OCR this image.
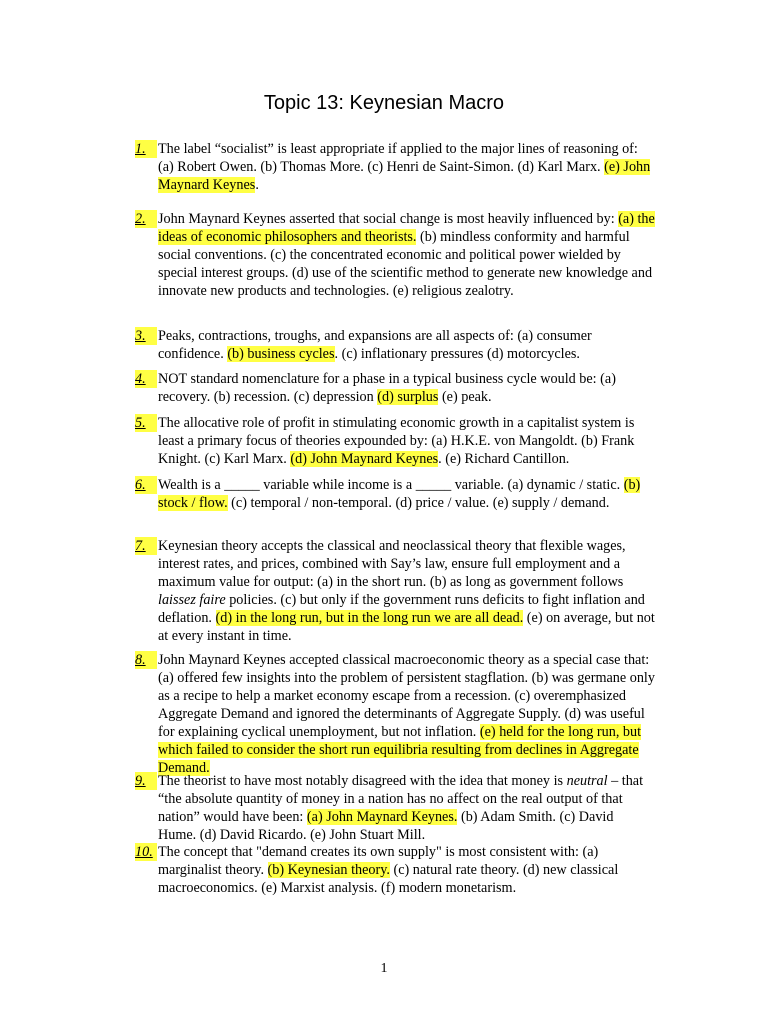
Topic 13: Keynesian Macro
1. The label “socialist” is least appropriate if applied to the major lines of reasoning of: (a) Robert Owen. (b) Thomas More. (c) Henri de Saint-Simon. (d) Karl Marx. (e) John Maynard Keynes.
2. John Maynard Keynes asserted that social change is most heavily influenced by: (a) the ideas of economic philosophers and theorists. (b) mindless conformity and harmful social conventions. (c) the concentrated economic and political power wielded by special interest groups. (d) use of the scientific method to generate new knowledge and innovate new products and technologies. (e) religious zealotry.
3. Peaks, contractions, troughs, and expansions are all aspects of: (a) consumer confidence. (b) business cycles. (c) inflationary pressures (d) motorcycles.
4. NOT standard nomenclature for a phase in a typical business cycle would be: (a) recovery. (b) recession. (c) depression (d) surplus (e) peak.
5. The allocative role of profit in stimulating economic growth in a capitalist system is least a primary focus of theories expounded by: (a) H.K.E. von Mangoldt. (b) Frank Knight. (c) Karl Marx. (d) John Maynard Keynes. (e) Richard Cantillon.
6. Wealth is a _____ variable while income is a _____ variable. (a) dynamic / static. (b) stock / flow. (c) temporal / non-temporal. (d) price / value. (e) supply / demand.
7. Keynesian theory accepts the classical and neoclassical theory that flexible wages, interest rates, and prices, combined with Say’s law, ensure full employment and a maximum value for output: (a) in the short run. (b) as long as government follows laissez faire policies. (c) but only if the government runs deficits to fight inflation and deflation. (d) in the long run, but in the long run we are all dead. (e) on average, but not at every instant in time.
8. John Maynard Keynes accepted classical macroeconomic theory as a special case that: (a) offered few insights into the problem of persistent stagflation. (b) was germane only as a recipe to help a market economy escape from a recession. (c) overemphasized Aggregate Demand and ignored the determinants of Aggregate Supply. (d) was useful for explaining cyclical unemployment, but not inflation. (e) held for the long run, but which failed to consider the short run equilibria resulting from declines in Aggregate Demand.
9. The theorist to have most notably disagreed with the idea that money is neutral – that “the absolute quantity of money in a nation has no affect on the real output of that nation” would have been: (a) John Maynard Keynes. (b) Adam Smith. (c) David Hume. (d) David Ricardo. (e) John Stuart Mill.
10. The concept that "demand creates its own supply" is most consistent with: (a) marginalist theory. (b) Keynesian theory. (c) natural rate theory. (d) new classical macroeconomics. (e) Marxist analysis. (f) modern monetarism.
1
